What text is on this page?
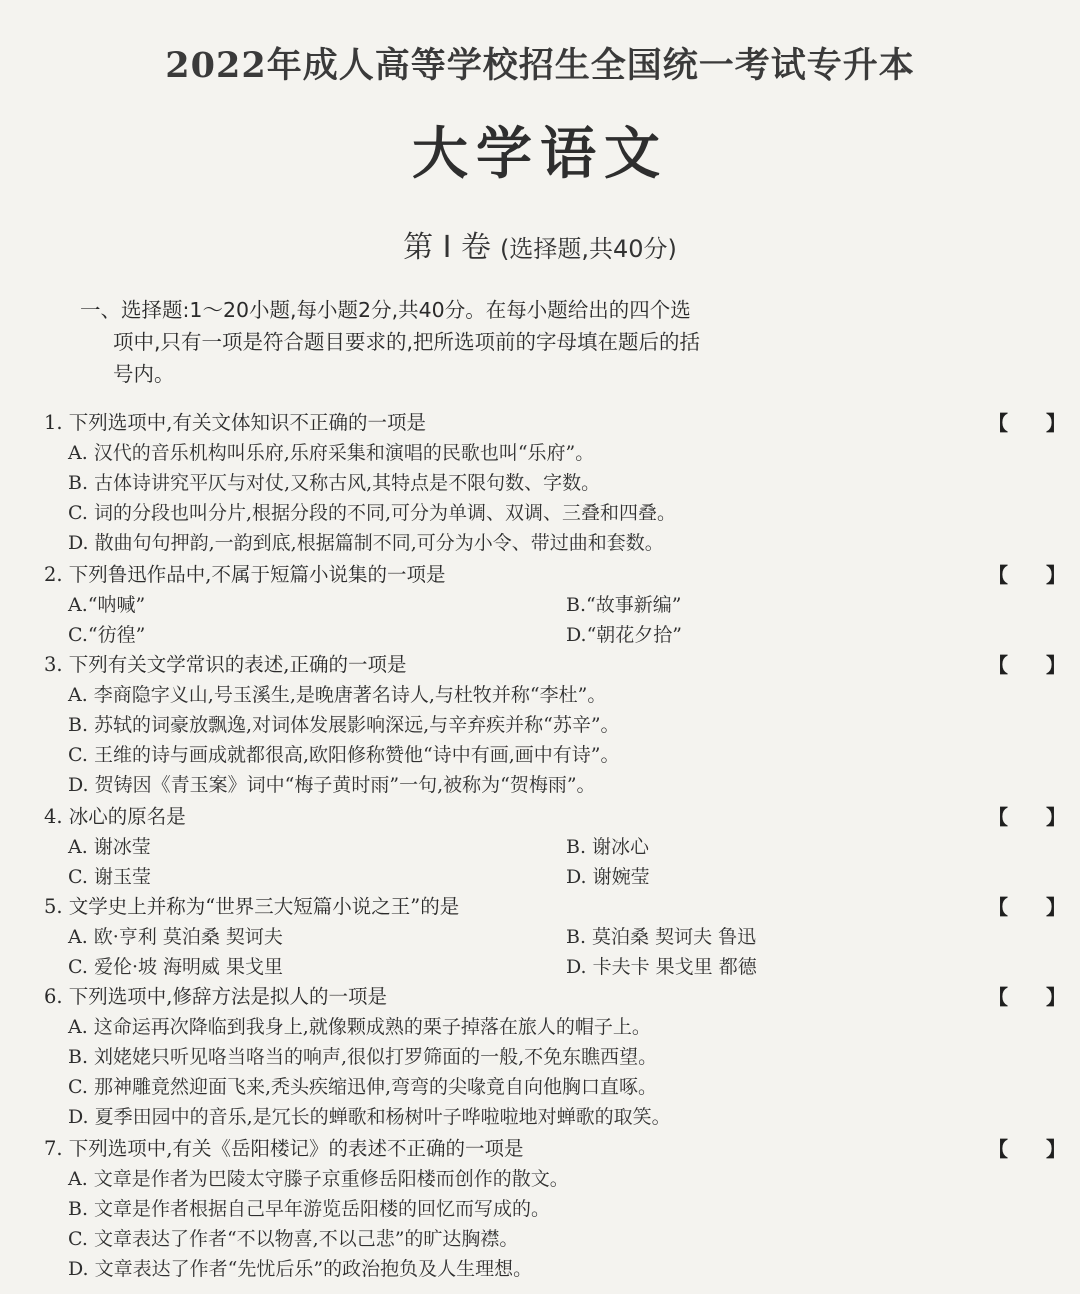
2022年成人高等学校招生全国统一考试专升本
大学语文
第 Ⅰ 卷 (选择题,共40分)
一、选择题:1～20小题,每小题2分,共40分。在每小题给出的四个选
项中,只有一项是符合题目要求的,把所选项前的字母填在题后的括
号内。
1. 下列选项中,有关文体知识不正确的一项是	【 】
A. 汉代的音乐机构叫乐府,乐府采集和演唱的民歌也叫“乐府”。
B. 古体诗讲究平仄与对仗,又称古风,其特点是不限句数、字数。
C. 词的分段也叫分片,根据分段的不同,可分为单调、双调、三叠和四叠。
D. 散曲句句押韵,一韵到底,根据篇制不同,可分为小令、带过曲和套数。
2. 下列鲁迅作品中,不属于短篇小说集的一项是	【 】
A.“呐喊”	B.“故事新编”
C.“彷徨”	D.“朝花夕拾”
3. 下列有关文学常识的表述,正确的一项是	【 】
A. 李商隐字义山,号玉溪生,是晚唐著名诗人,与杜牧并称“李杜”。
B. 苏轼的词豪放飘逸,对词体发展影响深远,与辛弃疾并称“苏辛”。
C. 王维的诗与画成就都很高,欧阳修称赞他“诗中有画,画中有诗”。
D. 贺铸因《青玉案》词中“梅子黄时雨”一句,被称为“贺梅雨”。
4. 冰心的原名是	【 】
A. 谢冰莹	B. 谢冰心
C. 谢玉莹	D. 谢婉莹
5. 文学史上并称为“世界三大短篇小说之王”的是	【 】
A. 欧·亨利 莫泊桑 契诃夫	B. 莫泊桑 契诃夫 鲁迅
C. 爱伦·坡 海明威 果戈里	D. 卡夫卡 果戈里 都德
6. 下列选项中,修辞方法是拟人的一项是	【 】
A. 这命运再次降临到我身上,就像颗成熟的栗子掉落在旅人的帽子上。
B. 刘姥姥只听见咯当咯当的响声,很似打罗筛面的一般,不免东瞧西望。
C. 那神雕竟然迎面飞来,秃头疾缩迅伸,弯弯的尖喙竟自向他胸口直啄。
D. 夏季田园中的音乐,是冗长的蝉歌和杨树叶子哗啦啦地对蝉歌的取笑。
7. 下列选项中,有关《岳阳楼记》的表述不正确的一项是	【 】
A. 文章是作者为巴陵太守滕子京重修岳阳楼而创作的散文。
B. 文章是作者根据自己早年游览岳阳楼的回忆而写成的。
C. 文章表达了作者“不以物喜,不以己悲”的旷达胸襟。
D. 文章表达了作者“先忧后乐”的政治抱负及人生理想。
